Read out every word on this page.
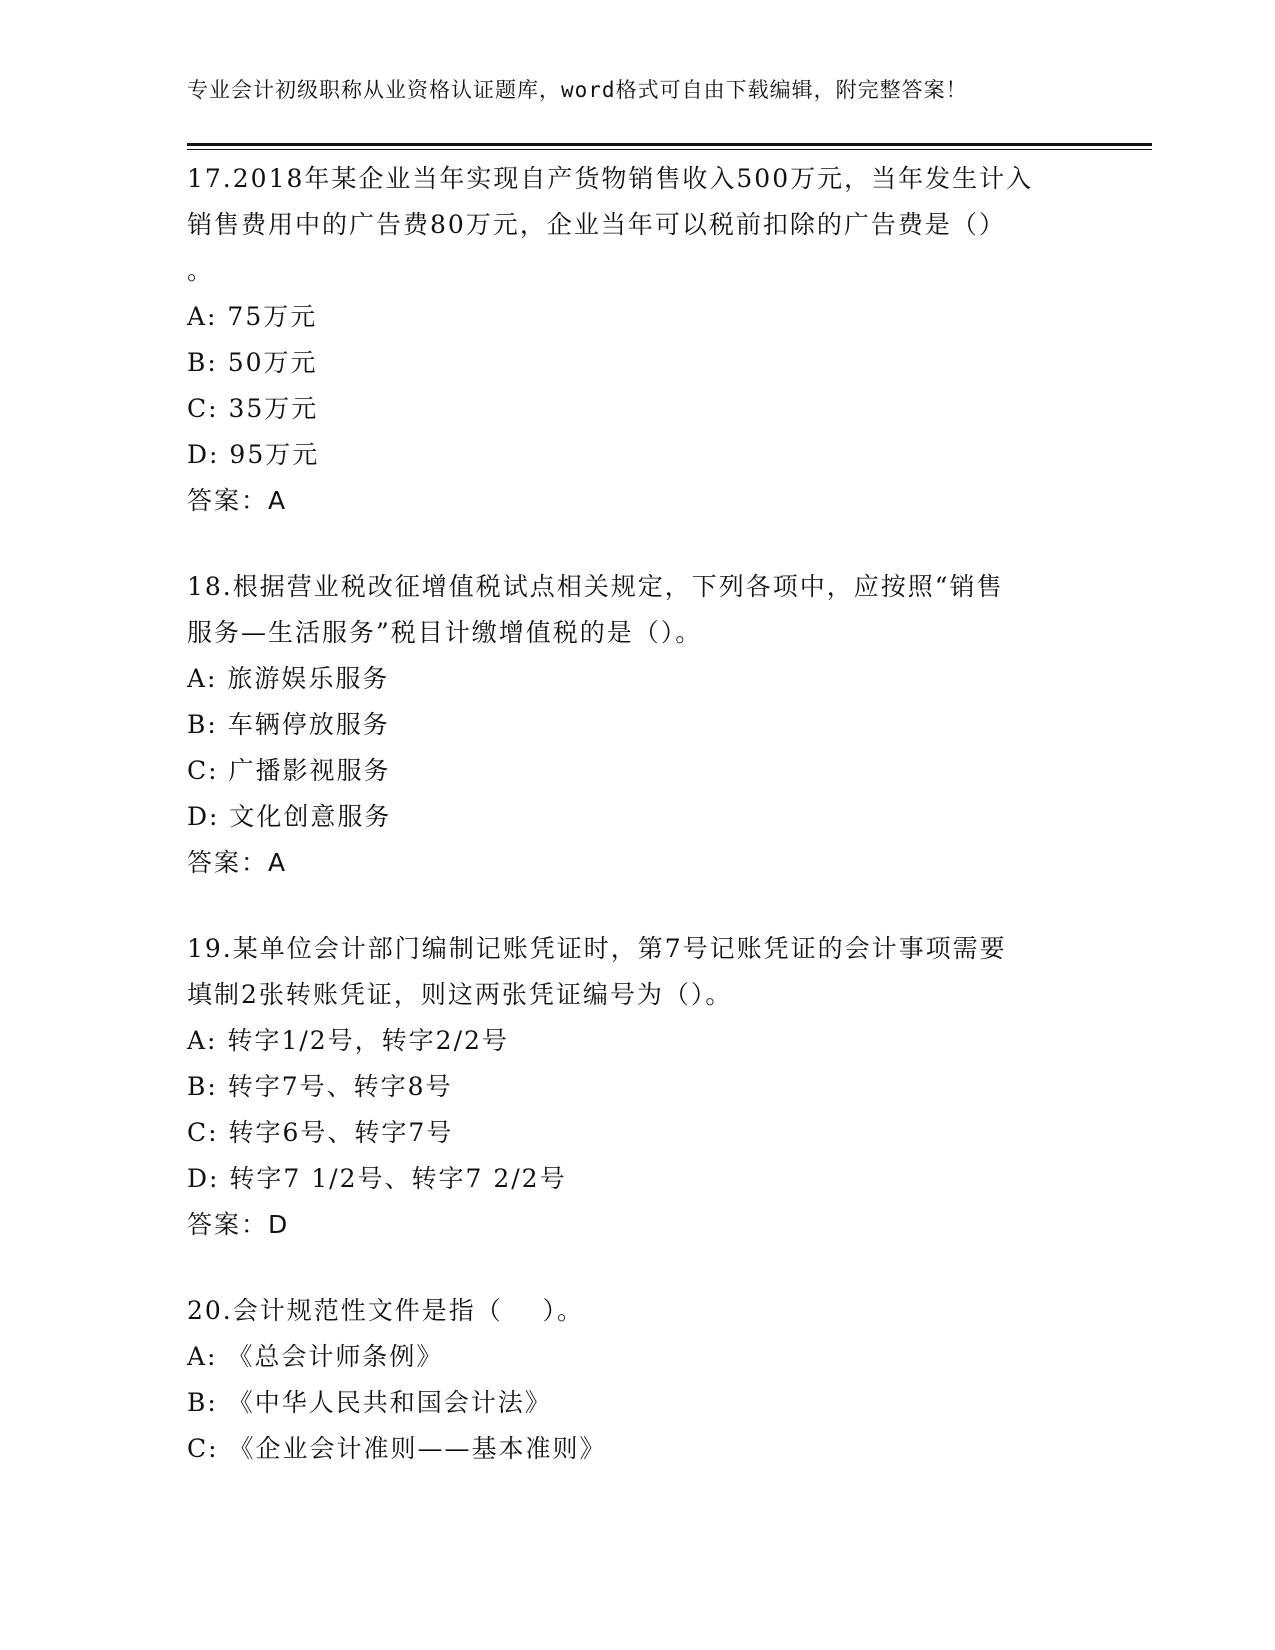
专业会计初级职称从业资格认证题库，word格式可自由下载编辑，附完整答案！

17.2018年某企业当年实现自产货物销售收入500万元，当年发生计入
销售费用中的广告费80万元，企业当年可以税前扣除的广告费是（）
。

A: 75万元

B: 50万元

C: 35万元

D: 95万元

答案：A

18.根据营业税改征增值税试点相关规定，下列各项中，应按照“销售
服务—生活服务”税目计缴增值税的是（）。

A: 旅游娱乐服务

B: 车辆停放服务

C: 广播影视服务

D: 文化创意服务

答案：A

19.某单位会计部门编制记账凭证时，第7号记账凭证的会计事项需要
填制2张转账凭证，则这两张凭证编号为（）。

A: 转字1/2号，转字2/2号

B: 转字7号、转字8号

C: 转字6号、转字7号

D: 转字7 1/2号、转字7 2/2号

答案：D

20.会计规范性文件是指（    ）。

A: 《总会计师条例》

B: 《中华人民共和国会计法》

C: 《企业会计准则——基本准则》
